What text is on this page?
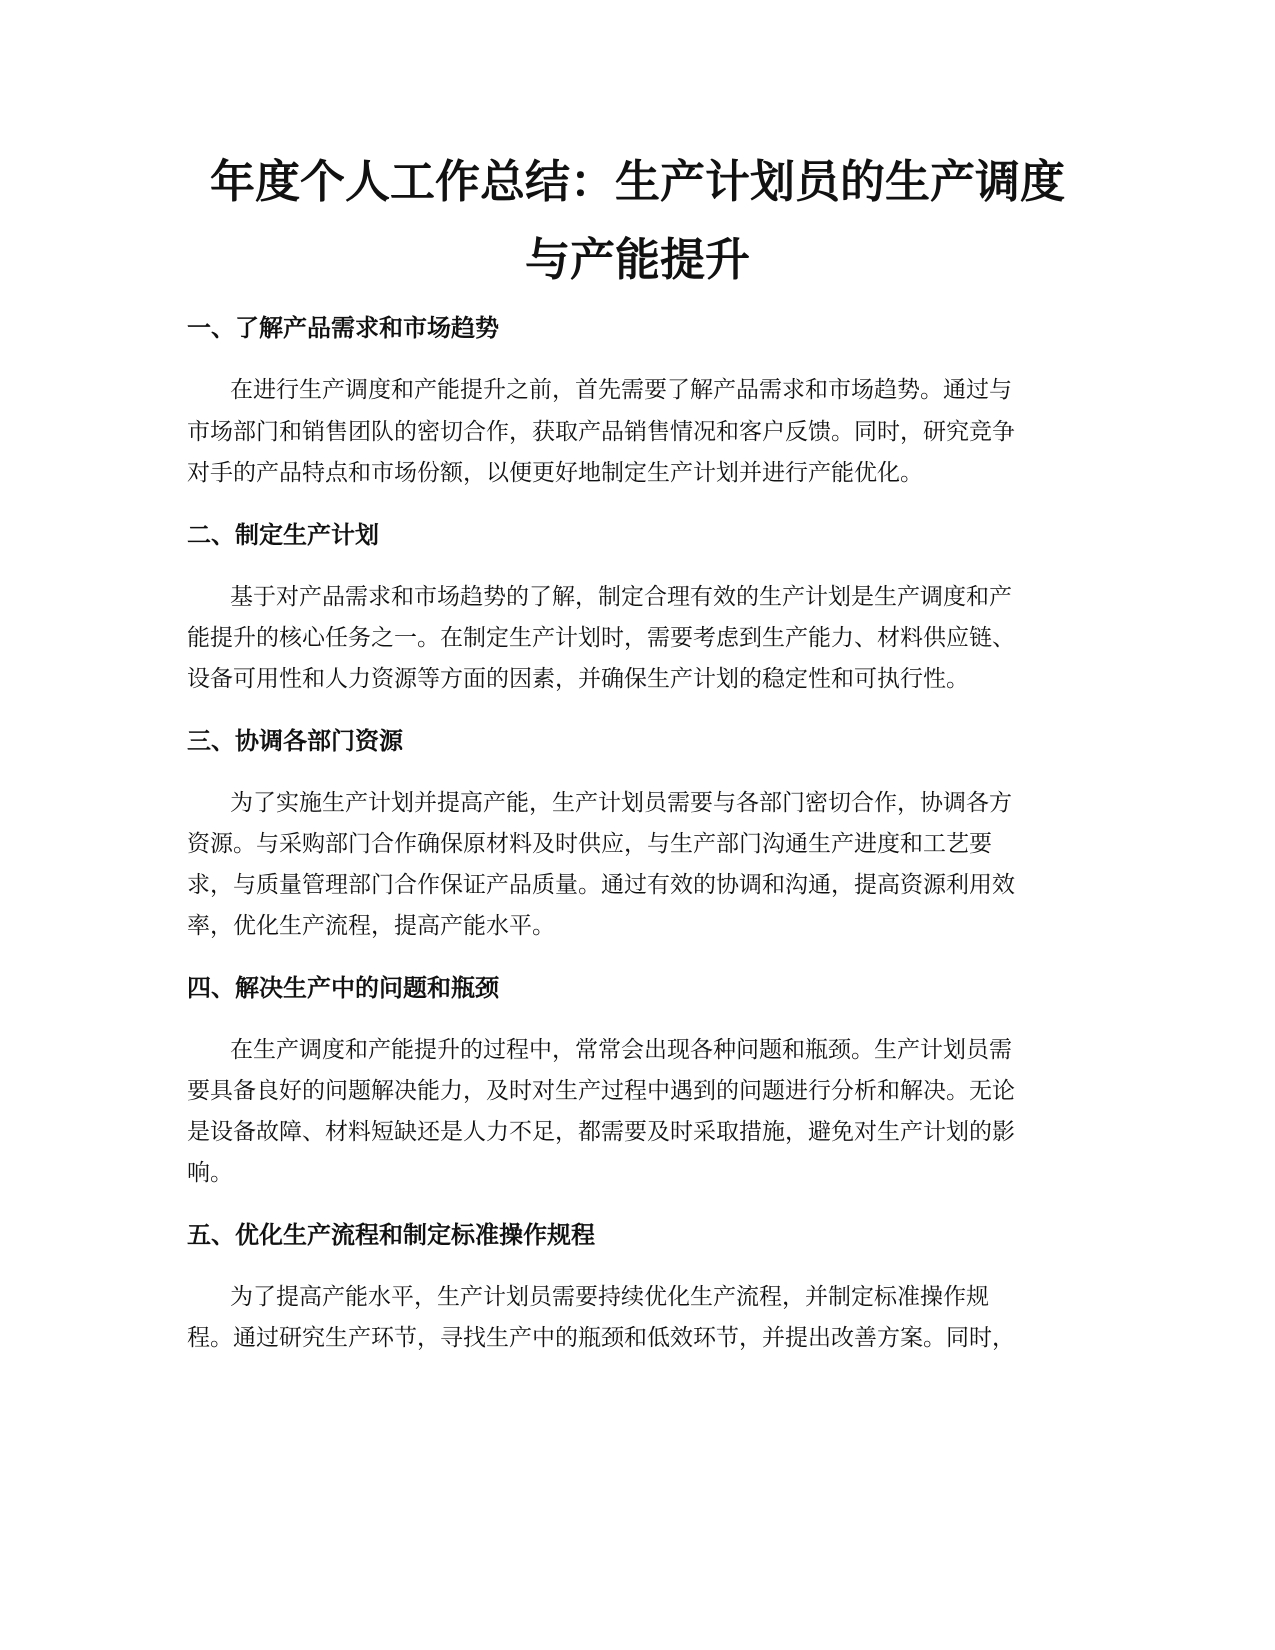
年度个人工作总结：生产计划员的生产调度
与产能提升
一、了解产品需求和市场趋势

在进行生产调度和产能提升之前，首先需要了解产品需求和市场趋势。通过与

市场部门和销售团队的密切合作，获取产品销售情况和客户反馈。同时，研究竞争

对手的产品特点和市场份额，以便更好地制定生产计划并进行产能优化。

二、制定生产计划

基于对产品需求和市场趋势的了解，制定合理有效的生产计划是生产调度和产

能提升的核心任务之一。在制定生产计划时，需要考虑到生产能力、材料供应链、

设备可用性和人力资源等方面的因素，并确保生产计划的稳定性和可执行性。

三、协调各部门资源

为了实施生产计划并提高产能，生产计划员需要与各部门密切合作，协调各方

资源。与采购部门合作确保原材料及时供应，与生产部门沟通生产进度和工艺要

求，与质量管理部门合作保证产品质量。通过有效的协调和沟通，提高资源利用效

率，优化生产流程，提高产能水平。

四、解决生产中的问题和瓶颈

在生产调度和产能提升的过程中，常常会出现各种问题和瓶颈。生产计划员需

要具备良好的问题解决能力，及时对生产过程中遇到的问题进行分析和解决。无论

是设备故障、材料短缺还是人力不足，都需要及时采取措施，避免对生产计划的影

响。

五、优化生产流程和制定标准操作规程

为了提高产能水平，生产计划员需要持续优化生产流程，并制定标准操作规

程。通过研究生产环节，寻找生产中的瓶颈和低效环节，并提出改善方案。同时，
